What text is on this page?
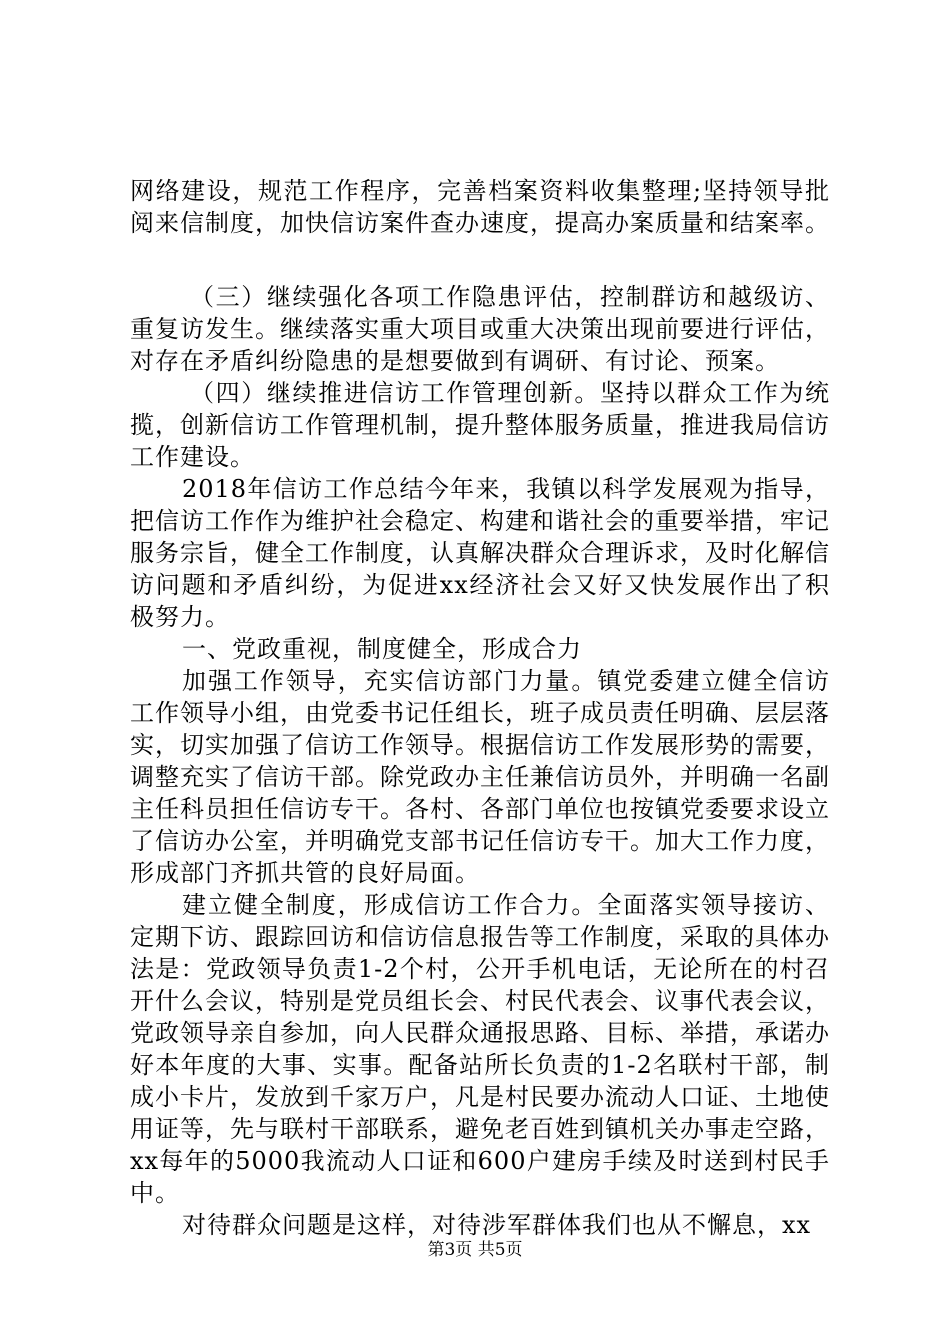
网络建设，规范工作程序，完善档案资料收集整理;坚持领导批阅来信制度，加快信访案件查办速度，提高办案质量和结案率。

（三）继续强化各项工作隐患评估，控制群访和越级访、重复访发生。继续落实重大项目或重大决策出现前要进行评估，对存在矛盾纠纷隐患的是想要做到有调研、有讨论、预案。

（四）继续推进信访工作管理创新。坚持以群众工作为统揽，创新信访工作管理机制，提升整体服务质量，推进我局信访工作建设。

2018年信访工作总结今年来，我镇以科学发展观为指导，把信访工作作为维护社会稳定、构建和谐社会的重要举措，牢记服务宗旨，健全工作制度，认真解决群众合理诉求，及时化解信访问题和矛盾纠纷，为促进xx经济社会又好又快发展作出了积极努力。

一、党政重视，制度健全，形成合力

加强工作领导，充实信访部门力量。镇党委建立健全信访工作领导小组，由党委书记任组长，班子成员责任明确、层层落实，切实加强了信访工作领导。根据信访工作发展形势的需要，调整充实了信访干部。除党政办主任兼信访员外，并明确一名副主任科员担任信访专干。各村、各部门单位也按镇党委要求设立了信访办公室，并明确党支部书记任信访专干。加大工作力度，形成部门齐抓共管的良好局面。

建立健全制度，形成信访工作合力。全面落实领导接访、定期下访、跟踪回访和信访信息报告等工作制度，采取的具体办法是：党政领导负责1-2个村，公开手机电话，无论所在的村召开什么会议，特别是党员组长会、村民代表会、议事代表会议，党政领导亲自参加，向人民群众通报思路、目标、举措，承诺办好本年度的大事、实事。配备站所长负责的1-2名联村干部，制成小卡片，发放到千家万户，凡是村民要办流动人口证、土地使用证等，先与联村干部联系，避免老百姓到镇机关办事走空路，xx每年的5000我流动人口证和600户建房手续及时送到村民手中。

对待群众问题是这样，对待涉军群体我们也从不懈息，xx

第3页 共5页
